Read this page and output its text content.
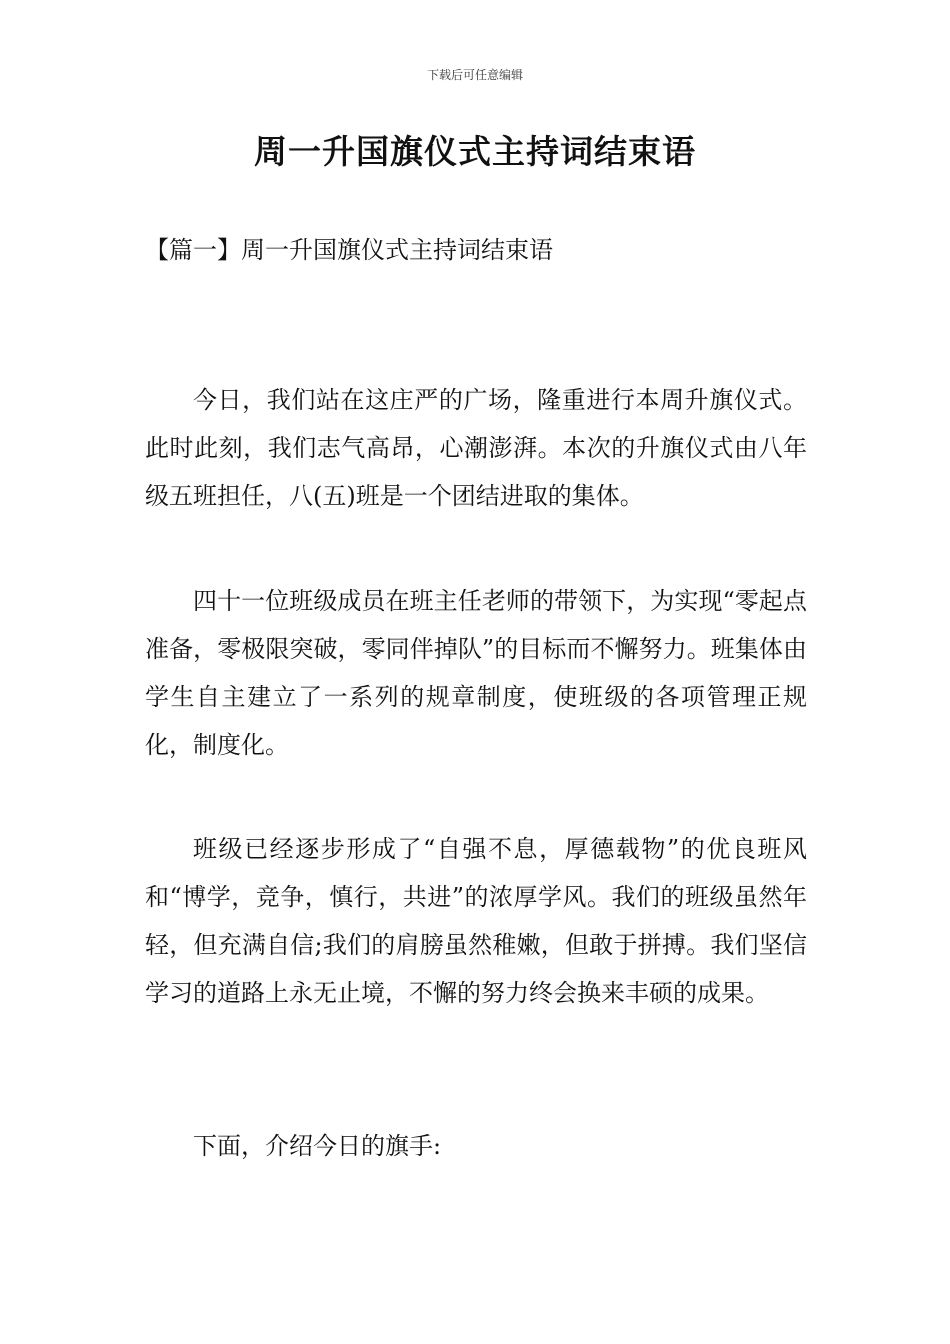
下载后可任意编辑
周一升国旗仪式主持词结束语
【篇一】周一升国旗仪式主持词结束语

今日，我们站在这庄严的广场，隆重进行本周升旗仪式。此时此刻，我们志气高昂，心潮澎湃。本次的升旗仪式由八年级五班担任，八(五)班是一个团结进取的集体。

四十一位班级成员在班主任老师的带领下，为实现“零起点准备，零极限突破，零同伴掉队”的目标而不懈努力。班集体由学生自主建立了一系列的规章制度，使班级的各项管理正规化，制度化。

班级已经逐步形成了“自强不息，厚德载物”的优良班风和“博学，竞争，慎行，共进”的浓厚学风。我们的班级虽然年轻，但充满自信;我们的肩膀虽然稚嫩，但敢于拼搏。我们坚信学习的道路上永无止境，不懈的努力终会换来丰硕的成果。

下面，介绍今日的旗手:
